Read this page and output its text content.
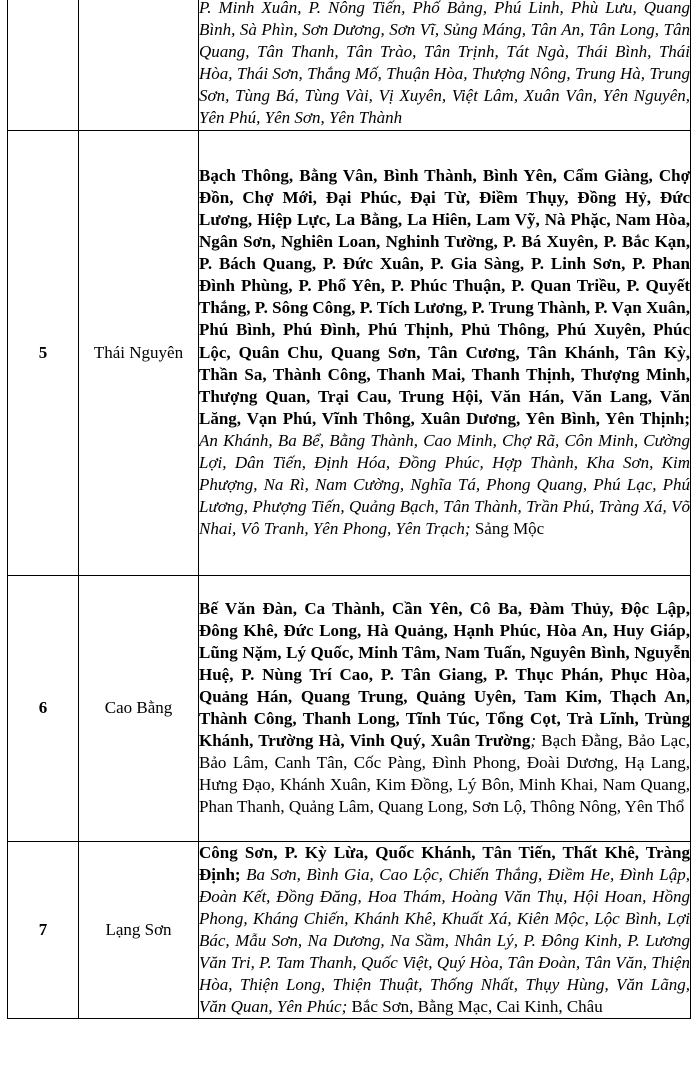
		P. Minh Xuân, P. Nông Tiến, Phố Bảng, Phú Linh, Phù Lưu, Quang Bình, Sà Phìn, Sơn Dương, Sơn Vĩ, Sủng Máng, Tân An, Tân Long, Tân Quang, Tân Thanh, Tân Trào, Tân Trịnh, Tát Ngà, Thái Bình, Thái Hòa, Thái Sơn, Thắng Mố, Thuận Hòa, Thượng Nông, Trung Hà, Trung Sơn, Tùng Bá, Tùng Vài, Vị Xuyên, Việt Lâm, Xuân Vân, Yên Nguyên, Yên Phú, Yên Sơn, Yên Thành
5	Thái Nguyên	Bạch Thông, Bằng Vân, Bình Thành, Bình Yên, Cẩm Giàng, Chợ Đồn, Chợ Mới, Đại Phúc, Đại Từ, Điềm Thụy, Đồng Hỷ, Đức Lương, Hiệp Lực, La Bằng, La Hiên, Lam Vỹ, Nà Phặc, Nam Hòa, Ngân Sơn, Nghiên Loan, Nghinh Tường, P. Bá Xuyên, P. Bắc Kạn, P. Bách Quang, P. Đức Xuân, P. Gia Sàng, P. Linh Sơn, P. Phan Đình Phùng, P. Phổ Yên, P. Phúc Thuận, P. Quan Triều, P. Quyết Thắng, P. Sông Công, P. Tích Lương, P. Trung Thành, P. Vạn Xuân, Phú Bình, Phú Đình, Phú Thịnh, Phủ Thông, Phú Xuyên, Phúc Lộc, Quân Chu, Quang Sơn, Tân Cương, Tân Khánh, Tân Kỳ, Thần Sa, Thành Công, Thanh Mai, Thanh Thịnh, Thượng Minh, Thượng Quan, Trại Cau, Trung Hội, Văn Hán, Văn Lang, Văn Lăng, Vạn Phú, Vĩnh Thông, Xuân Dương, Yên Bình, Yên Thịnh; An Khánh, Ba Bể, Bằng Thành, Cao Minh, Chợ Rã, Côn Minh, Cường Lợi, Dân Tiến, Định Hóa, Đồng Phúc, Hợp Thành, Kha Sơn, Kim Phượng, Na Rì, Nam Cường, Nghĩa Tá, Phong Quang, Phú Lạc, Phú Lương, Phượng Tiến, Quảng Bạch, Tân Thành, Trần Phú, Tràng Xá, Võ Nhai, Vô Tranh, Yên Phong, Yên Trạch; Sảng Mộc
6	Cao Bằng	Bế Văn Đàn, Ca Thành, Cần Yên, Cô Ba, Đàm Thủy, Độc Lập, Đông Khê, Đức Long, Hà Quảng, Hạnh Phúc, Hòa An, Huy Giáp, Lũng Nặm, Lý Quốc, Minh Tâm, Nam Tuấn, Nguyên Bình, Nguyễn Huệ, P. Nùng Trí Cao, P. Tân Giang, P. Thục Phán, Phục Hòa, Quảng Hán, Quang Trung, Quảng Uyên, Tam Kim, Thạch An, Thành Công, Thanh Long, Tĩnh Túc, Tổng Cọt, Trà Lĩnh, Trùng Khánh, Trường Hà, Vinh Quý, Xuân Trường; Bạch Đằng, Bảo Lạc, Bảo Lâm, Canh Tân, Cốc Pàng, Đình Phong, Đoài Dương, Hạ Lang, Hưng Đạo, Khánh Xuân, Kim Đồng, Lý Bôn, Minh Khai, Nam Quang, Phan Thanh, Quảng Lâm, Quang Long, Sơn Lộ, Thông Nông, Yên Thổ
7	Lạng Sơn	Công Sơn, P. Kỳ Lừa, Quốc Khánh, Tân Tiến, Thất Khê, Tràng Định; Ba Sơn, Bình Gia, Cao Lộc, Chiến Thắng, Điềm He, Đình Lập, Đoàn Kết, Đồng Đăng, Hoa Thám, Hoàng Văn Thụ, Hội Hoan, Hồng Phong, Kháng Chiến, Khánh Khê, Khuất Xá, Kiên Mộc, Lộc Bình, Lợi Bác, Mẫu Sơn, Na Dương, Na Sầm, Nhân Lý, P. Đông Kinh, P. Lương Văn Tri, P. Tam Thanh, Quốc Việt, Quý Hòa, Tân Đoàn, Tân Văn, Thiện Hòa, Thiện Long, Thiện Thuật, Thống Nhất, Thụy Hùng, Văn Lãng, Văn Quan, Yên Phúc; Bắc Sơn, Bằng Mạc, Cai Kinh, Châu
